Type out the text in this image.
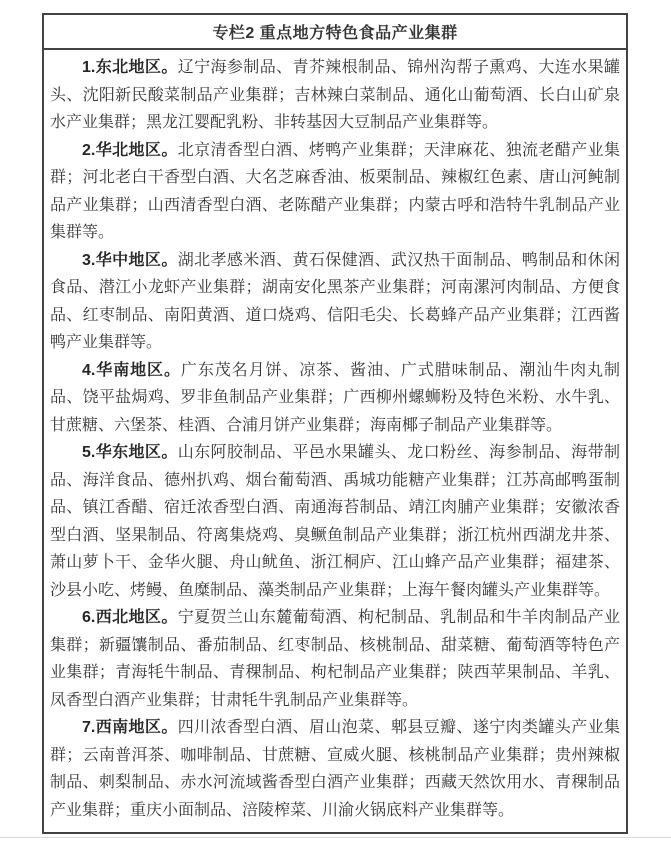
专栏2 重点地方特色食品产业集群

1.东北地区。辽宁海参制品、青芥辣根制品、锦州沟帮子熏鸡、大连水果罐头、沈阳新民酸菜制品产业集群；吉林辣白菜制品、通化山葡萄酒、长白山矿泉水产业集群；黑龙江婴配乳粉、非转基因大豆制品产业集群等。

2.华北地区。北京清香型白酒、烤鸭产业集群；天津麻花、独流老醋产业集群；河北老白干香型白酒、大名芝麻香油、板栗制品、辣椒红色素、唐山河鲀制品产业集群；山西清香型白酒、老陈醋产业集群；内蒙古呼和浩特牛乳制品产业集群等。

3.华中地区。湖北孝感米酒、黄石保健酒、武汉热干面制品、鸭制品和休闲食品、潜江小龙虾产业集群；湖南安化黑茶产业集群；河南漯河肉制品、方便食品、红枣制品、南阳黄酒、道口烧鸡、信阳毛尖、长葛蜂产品产业集群；江西酱鸭产业集群等。

4.华南地区。广东茂名月饼、凉茶、酱油、广式腊味制品、潮汕牛肉丸制品、饶平盐焗鸡、罗非鱼制品产业集群；广西柳州螺蛳粉及特色米粉、水牛乳、甘蔗糖、六堡茶、桂酒、合浦月饼产业集群；海南椰子制品产业集群等。

5.华东地区。山东阿胶制品、平邑水果罐头、龙口粉丝、海参制品、海带制品、海洋食品、德州扒鸡、烟台葡萄酒、禹城功能糖产业集群；江苏高邮鸭蛋制品、镇江香醋、宿迁浓香型白酒、南通海苔制品、靖江肉脯产业集群；安徽浓香型白酒、坚果制品、符离集烧鸡、臭鳜鱼制品产业集群；浙江杭州西湖龙井茶、萧山萝卜干、金华火腿、舟山鱿鱼、浙江桐庐、江山蜂产品产业集群；福建茶、沙县小吃、烤鳗、鱼糜制品、藻类制品产业集群；上海午餐肉罐头产业集群等。

6.西北地区。宁夏贺兰山东麓葡萄酒、枸杞制品、乳制品和牛羊肉制品产业集群；新疆馕制品、番茄制品、红枣制品、核桃制品、甜菜糖、葡萄酒等特色产业集群；青海牦牛制品、青稞制品、枸杞制品产业集群；陕西苹果制品、羊乳、凤香型白酒产业集群；甘肃牦牛乳制品产业集群等。

7.西南地区。四川浓香型白酒、眉山泡菜、郫县豆瓣、遂宁肉类罐头产业集群；云南普洱茶、咖啡制品、甘蔗糖、宣威火腿、核桃制品产业集群；贵州辣椒制品、刺梨制品、赤水河流域酱香型白酒产业集群；西藏天然饮用水、青稞制品产业集群；重庆小面制品、涪陵榨菜、川渝火锅底料产业集群等。
